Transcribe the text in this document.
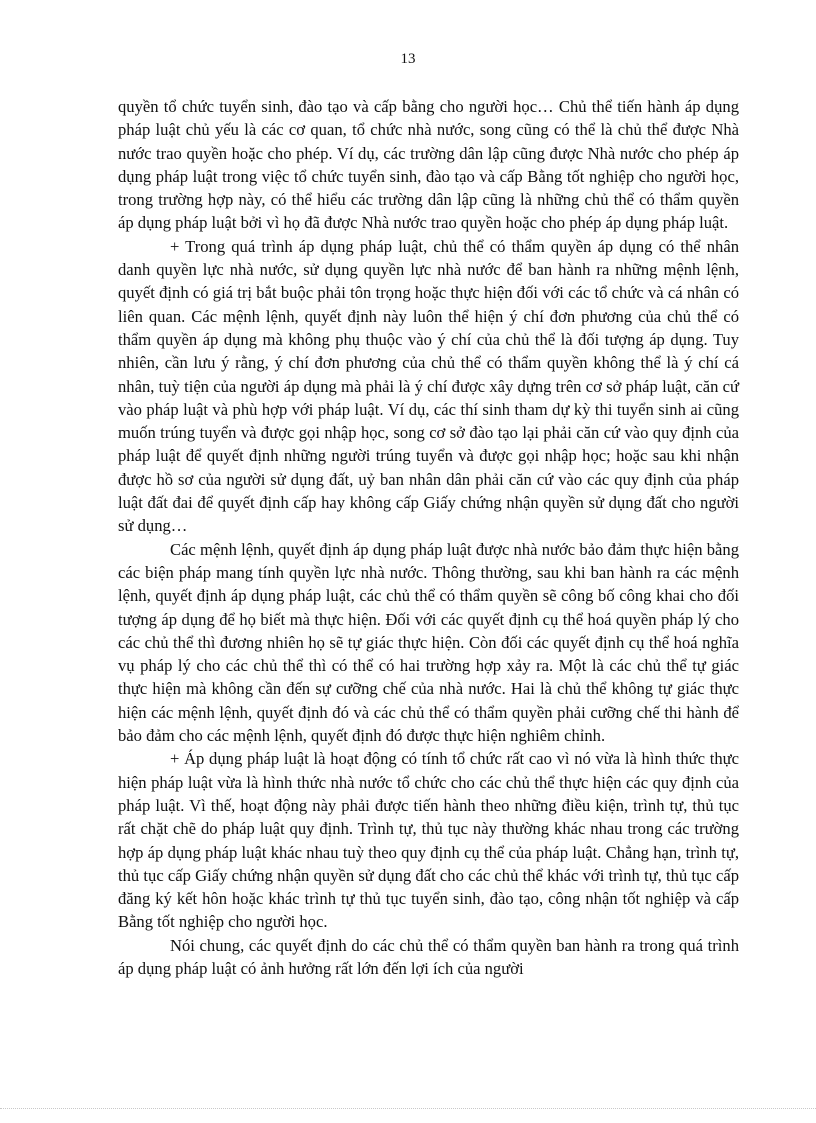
13

quyền tổ chức tuyển sinh, đào tạo và cấp bằng cho người học… Chủ thể tiến hành áp dụng pháp luật chủ yếu là các cơ quan, tổ chức nhà nước, song cũng có thể là chủ thể được Nhà nước trao quyền hoặc cho phép. Ví dụ, các trường dân lập cũng được Nhà nước cho phép áp dụng pháp luật trong việc tổ chức tuyển sinh, đào tạo và cấp Bằng tốt nghiệp cho người học, trong trường hợp này, có thể hiểu các trường dân lập cũng là những chủ thể có thẩm quyền áp dụng pháp luật bởi vì họ đã được Nhà nước trao quyền hoặc cho phép áp dụng pháp luật.

+ Trong quá trình áp dụng pháp luật, chủ thể có thẩm quyền áp dụng có thể nhân danh quyền lực nhà nước, sử dụng quyền lực nhà nước để ban hành ra những mệnh lệnh, quyết định có giá trị bắt buộc phải tôn trọng hoặc thực hiện đối với các tổ chức và cá nhân có liên quan. Các mệnh lệnh, quyết định này luôn thể hiện ý chí đơn phương của chủ thể có thẩm quyền áp dụng mà không phụ thuộc vào ý chí của chủ thể là đối tượng áp dụng. Tuy nhiên, cần lưu ý rằng, ý chí đơn phương của chủ thể có thẩm quyền không thể là ý chí cá nhân, tuỳ tiện của người áp dụng mà phải là ý chí được xây dựng trên cơ sở pháp luật, căn cứ vào pháp luật và phù hợp với pháp luật. Ví dụ, các thí sinh tham dự kỳ thi tuyển sinh ai cũng muốn trúng tuyển và được gọi nhập học, song cơ sở đào tạo lại phải căn cứ vào quy định của pháp luật để quyết định những người trúng tuyển và được gọi nhập học; hoặc sau khi nhận được hồ sơ của người sử dụng đất, uỷ ban nhân dân phải căn cứ vào các quy định của pháp luật đất đai để quyết định cấp hay không cấp Giấy chứng nhận quyền sử dụng đất cho người sử dụng…

Các mệnh lệnh, quyết định áp dụng pháp luật được nhà nước bảo đảm thực hiện bằng các biện pháp mang tính quyền lực nhà nước. Thông thường, sau khi ban hành ra các mệnh lệnh, quyết định áp dụng pháp luật, các chủ thể có thẩm quyền sẽ công bố công khai cho đối tượng áp dụng để họ biết mà thực hiện. Đối với các quyết định cụ thể hoá quyền pháp lý cho các chủ thể thì đương nhiên họ sẽ tự giác thực hiện. Còn đối các quyết định cụ thể hoá nghĩa vụ pháp lý cho các chủ thể thì có thể có hai trường hợp xảy ra. Một là các chủ thể tự giác thực hiện mà không cần đến sự cưỡng chế của nhà nước. Hai là chủ thể không tự giác thực hiện các mệnh lệnh, quyết định đó và các chủ thể có thẩm quyền phải cưỡng chế thi hành để bảo đảm cho các mệnh lệnh, quyết định đó được thực hiện nghiêm chỉnh.

+ Áp dụng pháp luật là hoạt động có tính tổ chức rất cao vì nó vừa là hình thức thực hiện pháp luật vừa là hình thức nhà nước tổ chức cho các chủ thể thực hiện các quy định của pháp luật. Vì thế, hoạt động này phải được tiến hành theo những điều kiện, trình tự, thủ tục rất chặt chẽ do pháp luật quy định. Trình tự, thủ tục này thường khác nhau trong các trường hợp áp dụng pháp luật khác nhau tuỳ theo quy định cụ thể của pháp luật. Chẳng hạn, trình tự, thủ tục cấp Giấy chứng nhận quyền sử dụng đất cho các chủ thể khác với trình tự, thủ tục cấp đăng ký kết hôn hoặc khác trình tự thủ tục tuyển sinh, đào tạo, công nhận tốt nghiệp và cấp Bằng tốt nghiệp cho người học.

Nói chung, các quyết định do các chủ thể có thẩm quyền ban hành ra trong quá trình áp dụng pháp luật có ảnh hưởng rất lớn đến lợi ích của người
